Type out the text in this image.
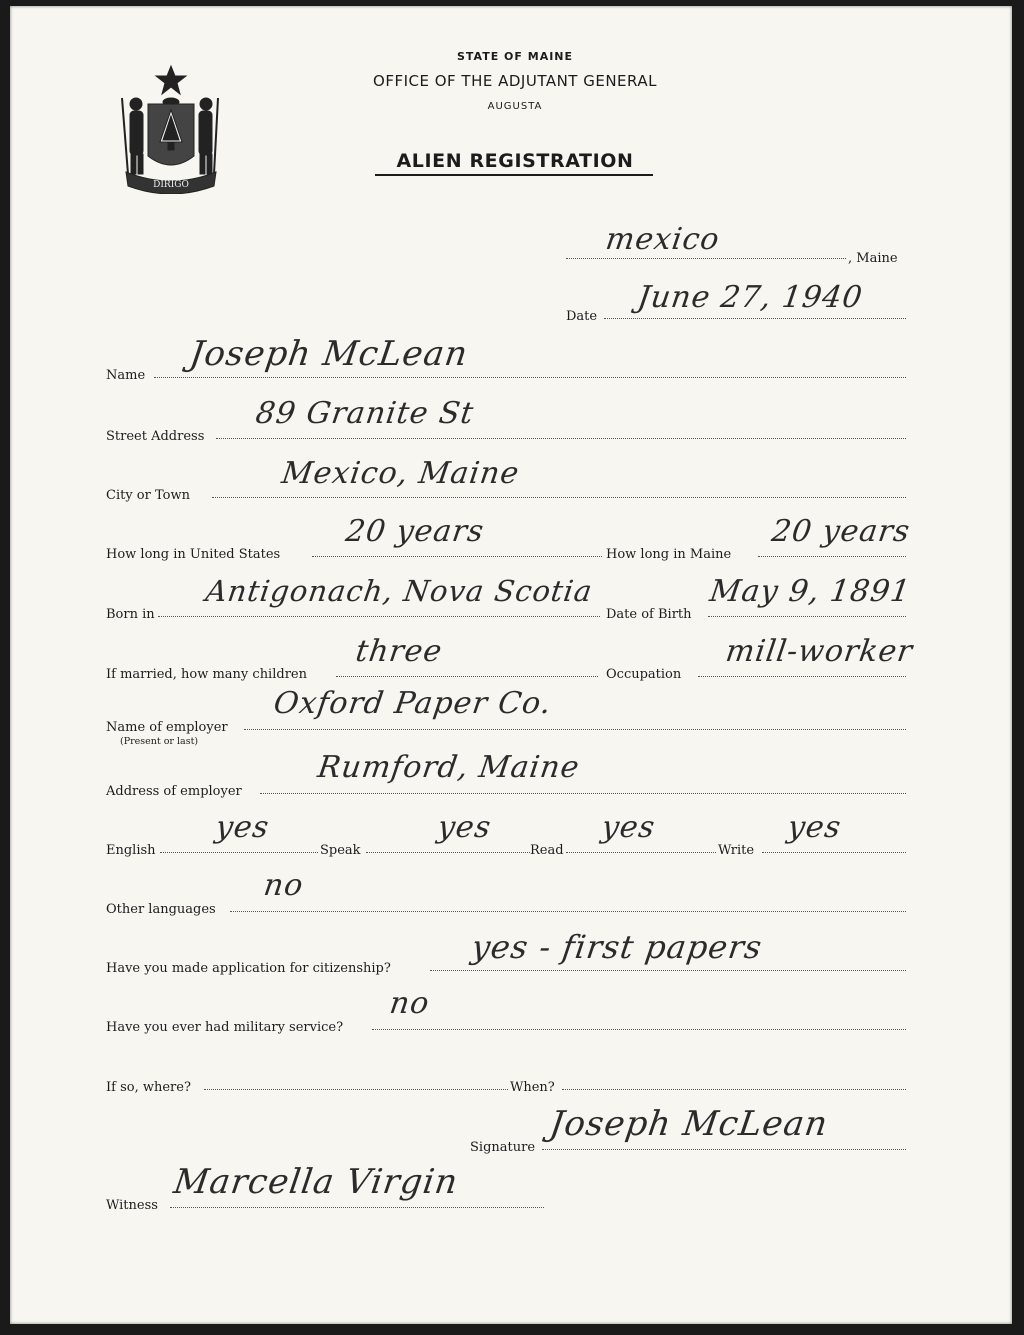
DIRIGO
STATE OF MAINE
OFFICE OF THE ADJUTANT GENERAL
AUGUSTA
ALIEN REGISTRATION
mexico
, Maine
Date
June 27, 1940
Name
Joseph McLean
Street Address
89 Granite St
City or Town
Mexico, Maine
How long in United States
20 years
How long in Maine
20 years
Born in
Antigonach, Nova Scotia
Date of Birth
May 9, 1891
If married, how many children
three
Occupation
mill-worker
Name of employer
(Present or last)
Oxford Paper Co.
Address of employer
Rumford, Maine
English
yes
Speak
yes
Read
yes
Write
yes
Other languages
no
Have you made application for citizenship?
yes - first papers
Have you ever had military service?
no
If so, where?	When?
Signature
Joseph McLean
Witness
Marcella Virgin
